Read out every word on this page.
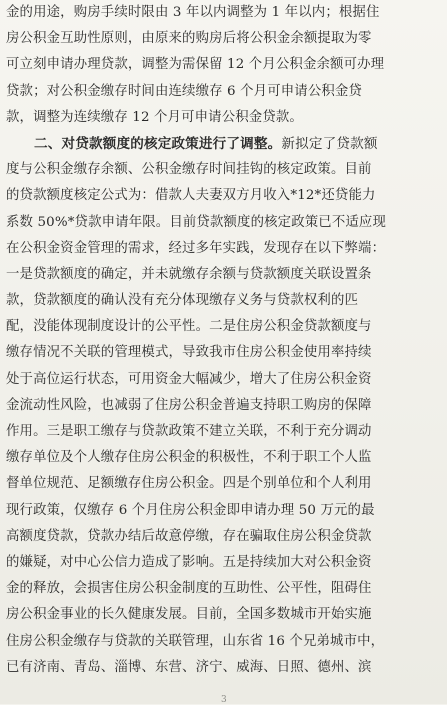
金的用途，购房手续时限由 3 年以内调整为 1 年以内；根据住
房公积金互助性原则，由原来的购房后将公积金余额提取为零
可立刻申请办理贷款，调整为需保留 12 个月公积金余额可办理
贷款；对公积金缴存时间由连续缴存 6 个月可申请公积金贷
款，调整为连续缴存 12 个月可申请公积金贷款。
二、对贷款额度的核定政策进行了调整。新拟定了贷款额
度与公积金缴存余额、公积金缴存时间挂钩的核定政策。目前
的贷款额度核定公式为：借款人夫妻双方月收入*12*还贷能力
系数 50%*贷款申请年限。目前贷款额度的核定政策已不适应现
在公积金资金管理的需求，经过多年实践，发现存在以下弊端：
一是贷款额度的确定，并未就缴存余额与贷款额度关联设置条
款，贷款额度的确认没有充分体现缴存义务与贷款权利的匹
配，没能体现制度设计的公平性。二是住房公积金贷款额度与
缴存情况不关联的管理模式，导致我市住房公积金使用率持续
处于高位运行状态，可用资金大幅减少，增大了住房公积金资
金流动性风险，也减弱了住房公积金普遍支持职工购房的保障
作用。三是职工缴存与贷款政策不建立关联，不利于充分调动
缴存单位及个人缴存住房公积金的积极性，不利于职工个人监
督单位规范、足额缴存住房公积金。四是个别单位和个人利用
现行政策，仅缴存 6 个月住房公积金即申请办理 50 万元的最
高额度贷款，贷款办结后故意停缴，存在骗取住房公积金贷款
的嫌疑，对中心公信力造成了影响。五是持续加大对公积金资
金的释放，会损害住房公积金制度的互助性、公平性，阻碍住
房公积金事业的长久健康发展。目前，全国多数城市开始实施
住房公积金缴存与贷款的关联管理，山东省 16 个兄弟城市中，
已有济南、青岛、淄博、东营、济宁、威海、日照、德州、滨
3
